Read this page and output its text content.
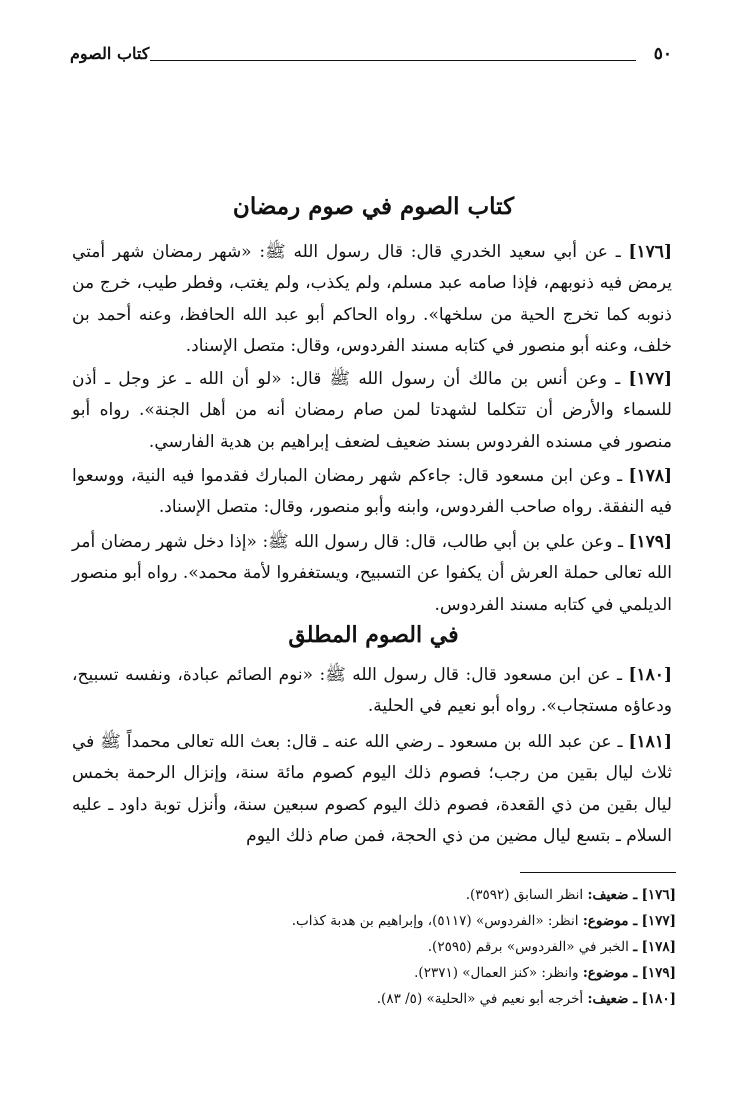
٥٠
كتاب الصوم
كتاب الصوم في صوم رمضان
[١٧٦] ـ عن أبي سعيد الخدري قال: قال رسول الله ﷺ: «شهر رمضان شهر أمتي يرمض فيه ذنوبهم، فإذا صامه عبد مسلم، ولم يكذب، ولم يغتب، وفطر طيب، خرج من ذنوبه كما تخرج الحية من سلخها». رواه الحاكم أبو عبد الله الحافظ، وعنه أحمد بن خلف، وعنه أبو منصور في كتابه مسند الفردوس، وقال: متصل الإسناد.
[١٧٧] ـ وعن أنس بن مالك أن رسول الله ﷺ قال: «لو أن الله ـ عز وجل ـ أذن للسماء والأرض أن تتكلما لشهدتا لمن صام رمضان أنه من أهل الجنة». رواه أبو منصور في مسنده الفردوس بسند ضعيف لضعف إبراهيم بن هدية الفارسي.
[١٧٨] ـ وعن ابن مسعود قال: جاءكم شهر رمضان المبارك فقدموا فيه النية، ووسعوا فيه النفقة. رواه صاحب الفردوس، وابنه وأبو منصور، وقال: متصل الإسناد.
[١٧٩] ـ وعن علي بن أبي طالب، قال: قال رسول الله ﷺ: «إذا دخل شهر رمضان أمر الله تعالى حملة العرش أن يكفوا عن التسبيح، ويستغفروا لأمة محمد». رواه أبو منصور الديلمي في كتابه مسند الفردوس.
في الصوم المطلق
[١٨٠] ـ عن ابن مسعود قال: قال رسول الله ﷺ: «نوم الصائم عبادة، ونفسه تسبيح، ودعاؤه مستجاب». رواه أبو نعيم في الحلية.
[١٨١] ـ عن عبد الله بن مسعود ـ رضي الله عنه ـ قال: بعث الله تعالى محمداً ﷺ في ثلاث ليال بقين من رجب؛ فصوم ذلك اليوم كصوم مائة سنة، وإنزال الرحمة بخمس ليال بقين من ذي القعدة، فصوم ذلك اليوم كصوم سبعين سنة، وأنزل توبة داود ـ عليه السلام ـ بتسع ليال مضين من ذي الحجة، فمن صام ذلك اليوم
[١٧٦] ـ ضعيف: انظر السابق (٣٥٩٢).
[١٧٧] ـ موضوع: انظر: «الفردوس» (٥١١٧)، وإبراهيم بن هدبة كذاب.
[١٧٨] ـ الخبر في «الفردوس» برقم (٢٥٩٥).
[١٧٩] ـ موضوع: وانظر: «كنز العمال» (٢٣٧١).
[١٨٠] ـ ضعيف: أخرجه أبو نعيم في «الحلية» (٥/ ٨٣).
